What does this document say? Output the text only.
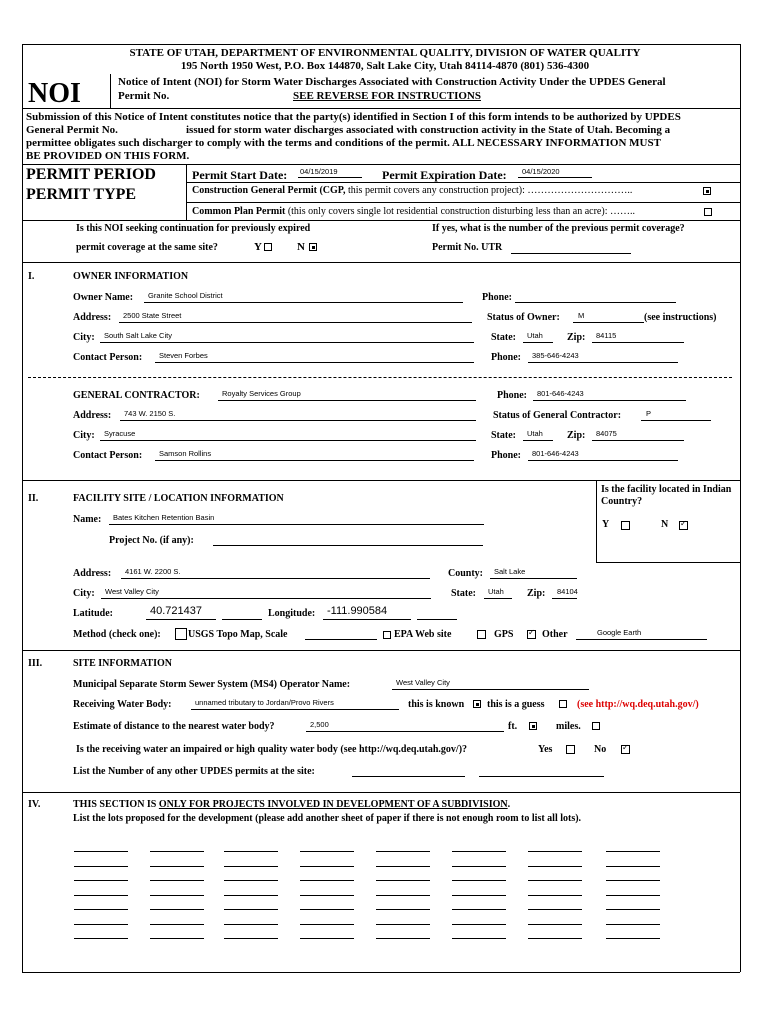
STATE OF UTAH, DEPARTMENT OF ENVIRONMENTAL QUALITY, DIVISION OF WATER QUALITY
195 North 1950 West, P.O. Box 144870, Salt Lake City, Utah 84114-4870 (801) 536-4300
NOI	Notice of Intent (NOI) for Storm Water Discharges Associated with Construction Activity Under the UPDES General
Permit No.	SEE REVERSE FOR INSTRUCTIONS
Submission of this Notice of Intent constitutes notice that the party(s) identified in Section I of this form intends to be authorized by UPDES
General Permit No.	issued for storm water discharges associated with construction activity in the State of Utah. Becoming a
permittee obligates such discharger to comply with the terms and conditions of the permit. ALL NECESSARY INFORMATION MUST
BE PROVIDED ON THIS FORM.
PERMIT PERIOD
PERMIT TYPE
Permit Start Date: 04/15/2019	Permit Expiration Date: 04/15/2020
Construction General Permit (CGP, this permit covers any construction project): …………………………..
Common Plan Permit (this only covers single lot residential construction disturbing less than an acre): ……..
Is this NOI seeking continuation for previously expired
permit coverage at the same site?	Y	N
If yes, what is the number of the previous permit coverage?
Permit No. UTR
I.	OWNER INFORMATION
Owner Name: Granite School District	Phone:
Address: 2500 State Street	Status of Owner: M	(see instructions)
City: South Salt Lake City	State: Utah Zip: 84115
Contact Person: Steven Forbes	Phone: 385-646-4243
GENERAL CONTRACTOR:	Royalty Services Group	Phone: 801-646-4243
Address: 743 W. 2150 S.	Status of General Contractor:	P
City: Syracuse	State: Utah Zip: 84075
Contact Person: Samson Rollins	Phone: 801-646-4243
II.	FACILITY SITE / LOCATION INFORMATION
Is the facility located in Indian
Country?
Y	N
✓
Name: Bates Kitchen Retention Basin
Project No. (if any):
Address: 4161 W. 2200 S.	County: Salt Lake
City: West Valley City	State: Utah Zip: 84104
Latitude:	40.721437	Longitude: -111.990584
Method (check one):	USGS Topo Map, Scale	EPA Web site	GPS
✓	Other	Google Earth
III.	SITE INFORMATION
Municipal Separate Storm Sewer System (MS4) Operator Name:	West Valley City
Receiving Water Body:	unnamed tributary to Jordan/Provo Rivers	this is known this is a guess	(see http://wq.deq.utah.gov/)
Estimate of distance to the nearest water body?	2,500	ft.	miles.
Is the receiving water an impaired or high quality water body (see http://wq.deq.utah.gov/)?	Yes	No
✓
List the Number of any other UPDES permits at the site:
IV.	THIS SECTION IS ONLY FOR PROJECTS INVOLVED IN DEVELOPMENT OF A SUBDIVISION.
List the lots proposed for the development (please add another sheet of paper if there is not enough room to list all lots).
